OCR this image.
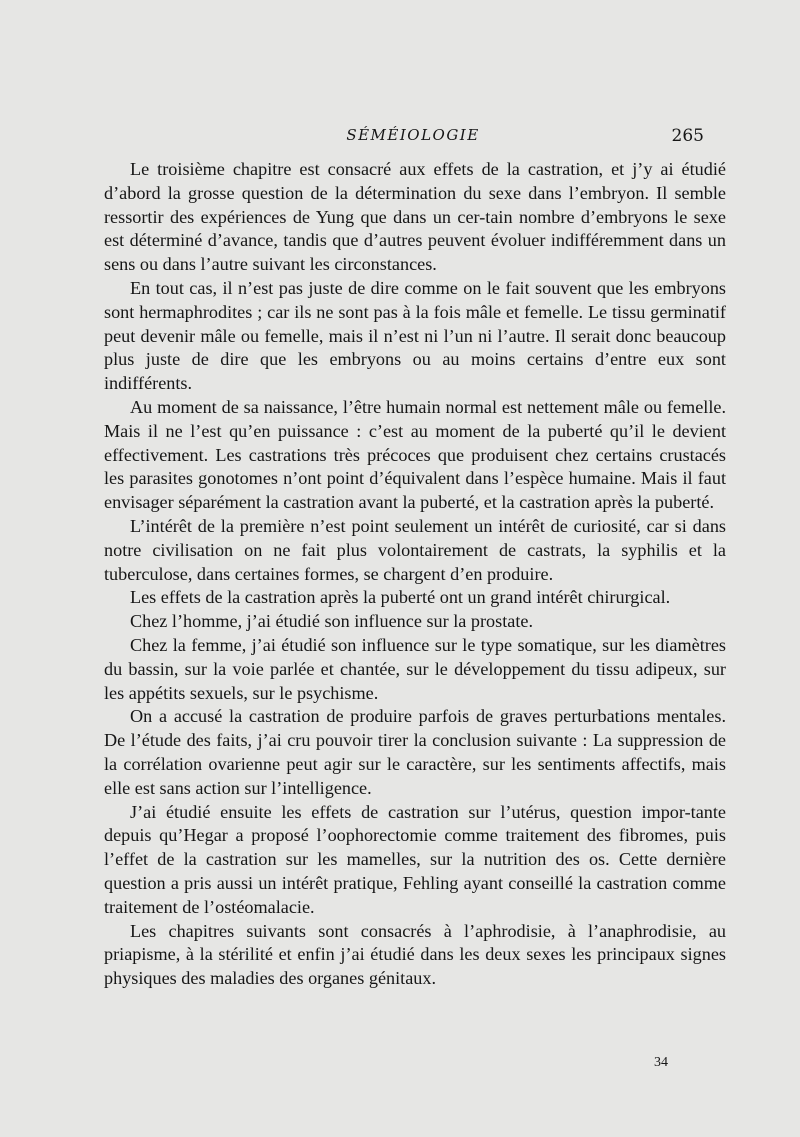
SÉMÉIOLOGIE	265

Le troisième chapitre est consacré aux effets de la castration, et j’y ai étudié d’abord la grosse question de la détermination du sexe dans l’embryon. Il semble ressortir des expériences de Yung que dans un cer-tain nombre d’embryons le sexe est déterminé d’avance, tandis que d’autres peuvent évoluer indifféremment dans un sens ou dans l’autre suivant les circonstances.

En tout cas, il n’est pas juste de dire comme on le fait souvent que les embryons sont hermaphrodites ; car ils ne sont pas à la fois mâle et femelle. Le tissu germinatif peut devenir mâle ou femelle, mais il n’est ni l’un ni l’autre. Il serait donc beaucoup plus juste de dire que les embryons ou au moins certains d’entre eux sont indifférents.

Au moment de sa naissance, l’être humain normal est nettement mâle ou femelle. Mais il ne l’est qu’en puissance : c’est au moment de la puberté qu’il le devient effectivement. Les castrations très précoces que produisent chez certains crustacés les parasites gonotomes n’ont point d’équivalent dans l’espèce humaine. Mais il faut envisager séparément la castration avant la puberté, et la castration après la puberté.

L’intérêt de la première n’est point seulement un intérêt de curiosité, car si dans notre civilisation on ne fait plus volontairement de castrats, la syphilis et la tuberculose, dans certaines formes, se chargent d’en produire.

Les effets de la castration après la puberté ont un grand intérêt chirurgical.

Chez l’homme, j’ai étudié son influence sur la prostate.

Chez la femme, j’ai étudié son influence sur le type somatique, sur les diamètres du bassin, sur la voie parlée et chantée, sur le développement du tissu adipeux, sur les appétits sexuels, sur le psychisme.

On a accusé la castration de produire parfois de graves perturbations mentales. De l’étude des faits, j’ai cru pouvoir tirer la conclusion suivante : La suppression de la corrélation ovarienne peut agir sur le caractère, sur les sentiments affectifs, mais elle est sans action sur l’intelligence.

J’ai étudié ensuite les effets de castration sur l’utérus, question impor-tante depuis qu’Hegar a proposé l’oophorectomie comme traitement des fibromes, puis l’effet de la castration sur les mamelles, sur la nutrition des os. Cette dernière question a pris aussi un intérêt pratique, Fehling ayant conseillé la castration comme traitement de l’ostéomalacie.

Les chapitres suivants sont consacrés à l’aphrodisie, à l’anaphrodisie, au priapisme, à la stérilité et enfin j’ai étudié dans les deux sexes les principaux signes physiques des maladies des organes génitaux.

34
